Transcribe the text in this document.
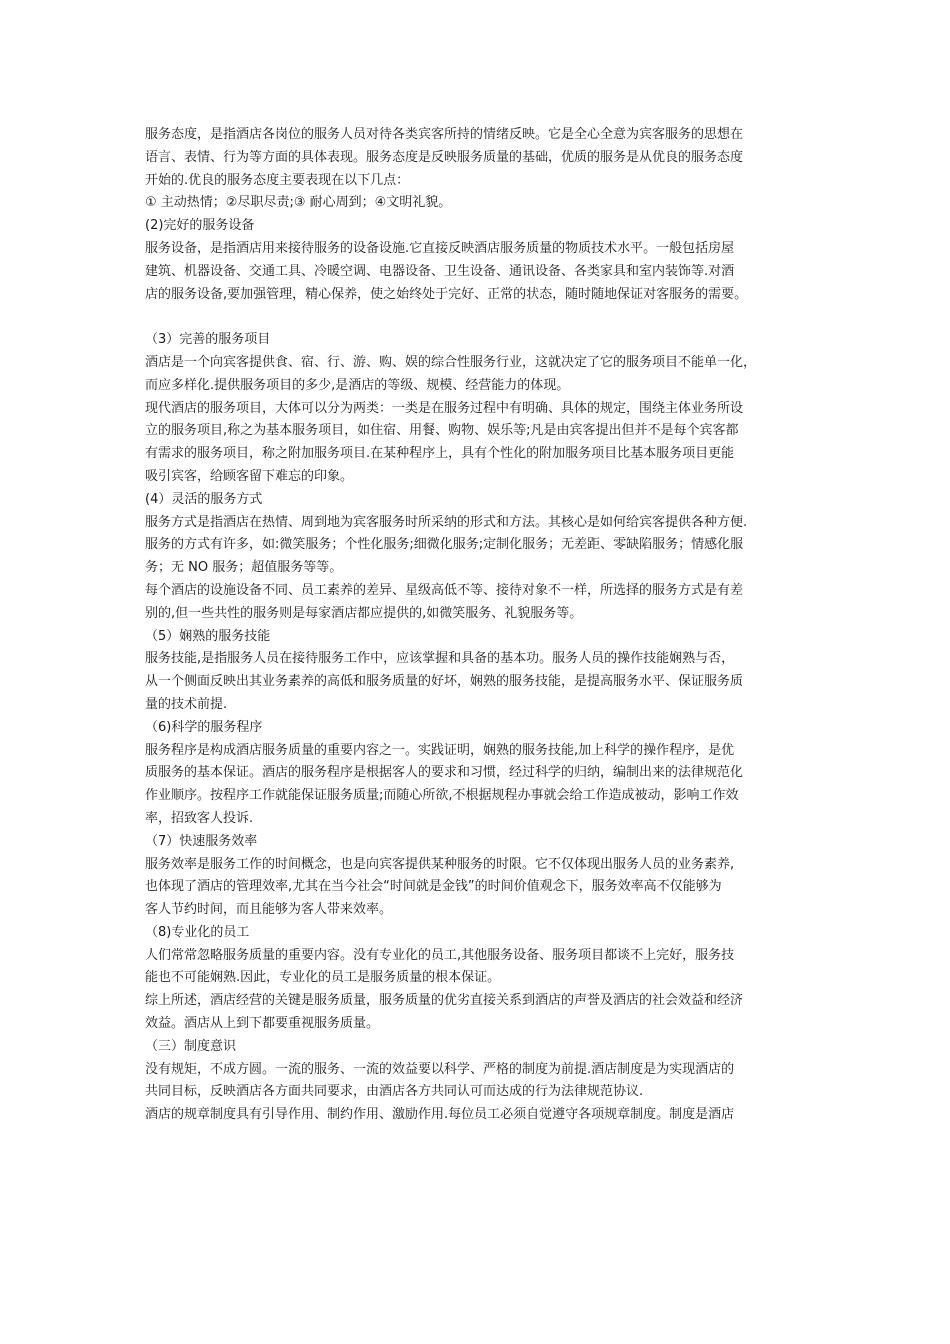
服务态度，是指酒店各岗位的服务人员对待各类宾客所持的情绪反映。它是全心全意为宾客服务的思想在
语言、表情、行为等方面的具体表现。服务态度是反映服务质量的基础，优质的服务是从优良的服务态度
开始的.优良的服务态度主要表现在以下几点：
① 主动热情；②尽职尽责;③ 耐心周到；④文明礼貌。
(2)完好的服务设备
服务设备，是指酒店用来接待服务的设备设施.它直接反映酒店服务质量的物质技术水平。一般包括房屋
建筑、机器设备、交通工具、冷暖空调、电器设备、卫生设备、通讯设备、各类家具和室内装饰等.对酒
店的服务设备,要加强管理，精心保养，使之始终处于完好、正常的状态，随时随地保证对客服务的需要。
（3）完善的服务项目
酒店是一个向宾客提供食、宿、行、游、购、娱的综合性服务行业，这就决定了它的服务项目不能单一化，
而应多样化.提供服务项目的多少,是酒店的等级、规模、经营能力的体现。
现代酒店的服务项目，大体可以分为两类：一类是在服务过程中有明确、具体的规定，围绕主体业务所设
立的服务项目,称之为基本服务项目，如住宿、用餐、购物、娱乐等;凡是由宾客提出但并不是每个宾客都
有需求的服务项目，称之附加服务项目.在某种程序上，具有个性化的附加服务项目比基本服务项目更能
吸引宾客，给顾客留下难忘的印象。
(4）灵活的服务方式
服务方式是指酒店在热情、周到地为宾客服务时所采纳的形式和方法。其核心是如何给宾客提供各种方便.
服务的方式有许多，如:微笑服务；个性化服务;细微化服务;定制化服务；无差距、零缺陷服务；情感化服
务；无 NO 服务；超值服务等等。
每个酒店的设施设备不同、员工素养的差异、星级高低不等、接待对象不一样，所选择的服务方式是有差
别的,但一些共性的服务则是每家酒店都应提供的,如微笑服务、礼貌服务等。
（5）娴熟的服务技能
服务技能,是指服务人员在接待服务工作中，应该掌握和具备的基本功。服务人员的操作技能娴熟与否，
从一个侧面反映出其业务素养的高低和服务质量的好坏，娴熟的服务技能，是提高服务水平、保证服务质
量的技术前提.
（6)科学的服务程序
服务程序是构成酒店服务质量的重要内容之一。实践证明，娴熟的服务技能,加上科学的操作程序，是优
质服务的基本保证。酒店的服务程序是根据客人的要求和习惯，经过科学的归纳，编制出来的法律规范化
作业顺序。按程序工作就能保证服务质量;而随心所欲,不根据规程办事就会给工作造成被动，影响工作效
率，招致客人投诉.
（7）快速服务效率
服务效率是服务工作的时间概念，也是向宾客提供某种服务的时限。它不仅体现出服务人员的业务素养,
也体现了酒店的管理效率,尤其在当今社会“时间就是金钱”的时间价值观念下，服务效率高不仅能够为
客人节约时间，而且能够为客人带来效率。
（8)专业化的员工
人们常常忽略服务质量的重要内容。没有专业化的员工,其他服务设备、服务项目都谈不上完好，服务技
能也不可能娴熟.因此，专业化的员工是服务质量的根本保证。
综上所述，酒店经营的关键是服务质量，服务质量的优劣直接关系到酒店的声誉及酒店的社会效益和经济
效益。酒店从上到下都要重视服务质量。
（三）制度意识
没有规矩，不成方圆。一流的服务、一流的效益要以科学、严格的制度为前提.酒店制度是为实现酒店的
共同目标，反映酒店各方面共同要求，由酒店各方共同认可而达成的行为法律规范协议.
酒店的规章制度具有引导作用、制约作用、激励作用.每位员工必须自觉遵守各项规章制度。制度是酒店
